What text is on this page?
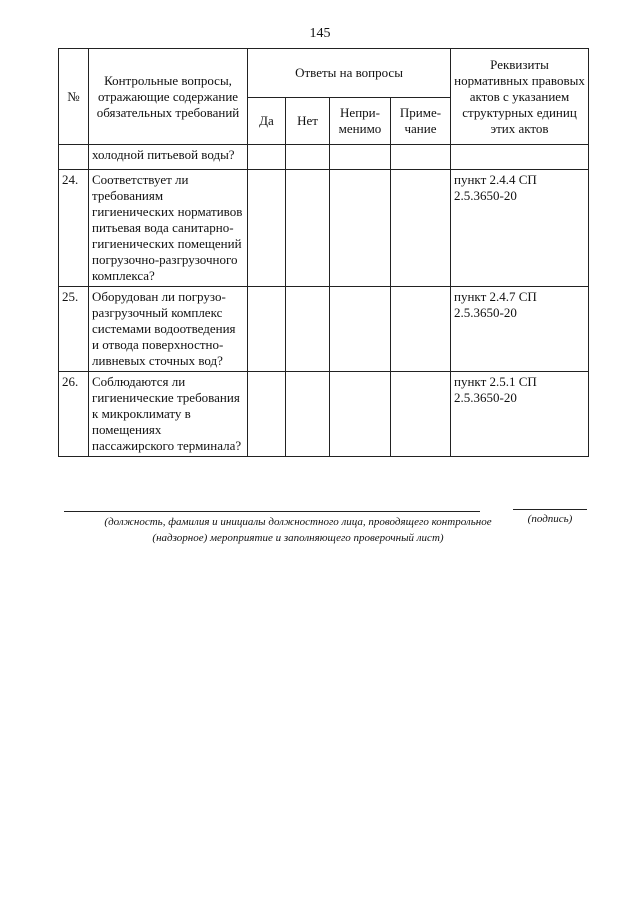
145
№	Контрольные вопросы, отражающие содержание обязательных требований	Ответы на вопросы				Реквизиты нормативных правовых актов с указанием структурных единиц этих актов
		Да	Нет	Непри-менимо	Приме-чание	
	холодной питьевой воды?					
24.	Соответствует ли требованиям гигиенических нормативов питьевая вода санитарно-гигиенических помещений погрузочно-разгрузочного комплекса?					пункт 2.4.4 СП 2.5.3650-20
25.	Оборудован ли погрузо-разгрузочный комплекс системами водоотведения и отвода поверхностно-ливневых сточных вод?					пункт 2.4.7 СП 2.5.3650-20
26.	Соблюдаются ли гигиенические требования к микроклимату в помещениях пассажирского терминала?					пункт 2.5.1 СП 2.5.3650-20
(должность, фамилия и инициалы должностного лица, проводящего контрольное (надзорное) мероприятие и заполняющего проверочный лист)
(подпись)
